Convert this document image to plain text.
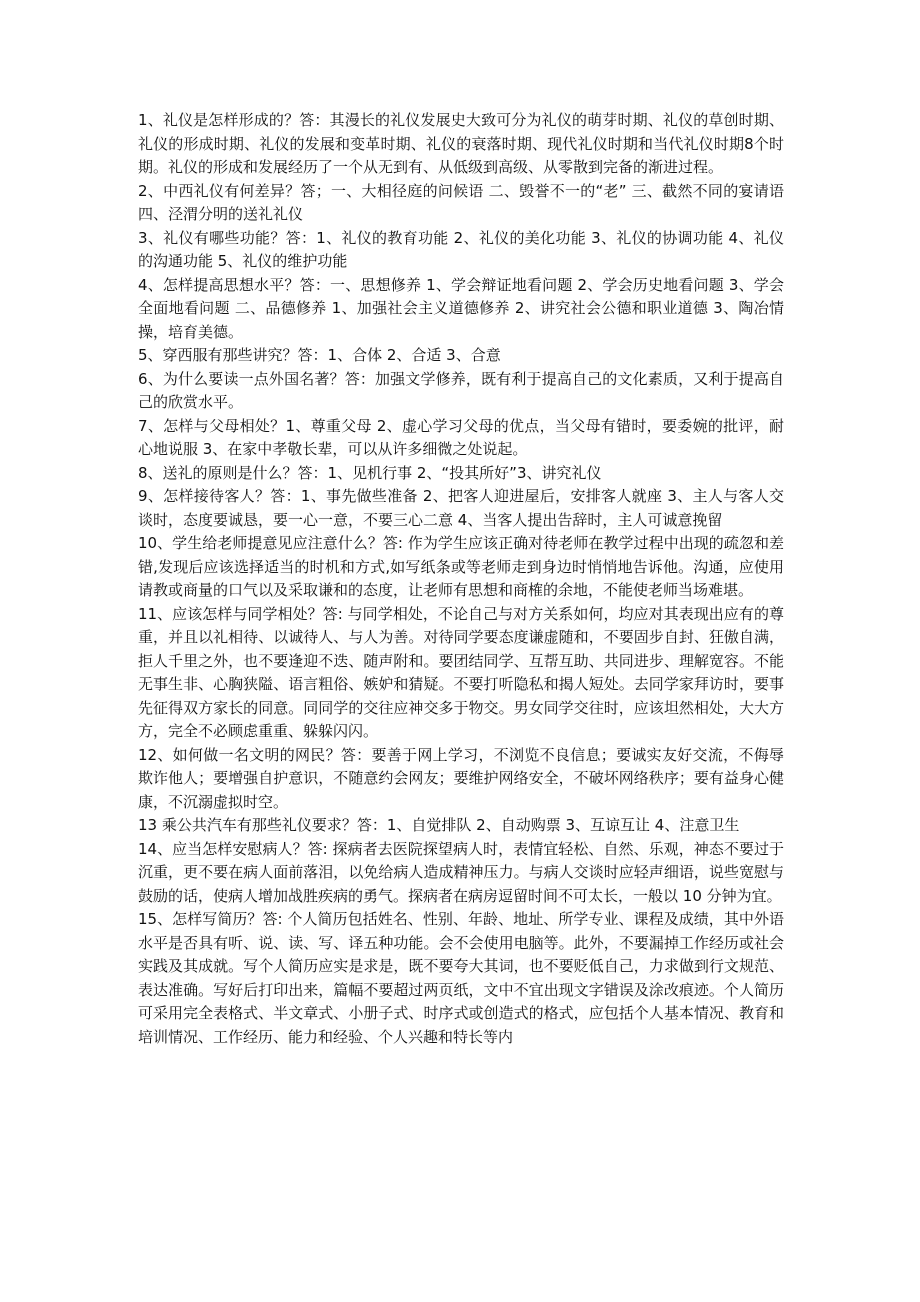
1、礼仪是怎样形成的？答：其漫长的礼仪发展史大致可分为礼仪的萌芽时期、礼仪的草创时期、礼仪的形成时期、礼仪的发展和变革时期、礼仪的衰落时期、现代礼仪时期和当代礼仪时期8个时期。礼仪的形成和发展经历了一个从无到有、从低级到高级、从零散到完备的渐进过程。

2、中西礼仪有何差异？答；一、大相径庭的问候语 二、毁誉不一的“老” 三、截然不同的宴请语 四、泾渭分明的送礼礼仪

3、礼仪有哪些功能？答：1、礼仪的教育功能 2、礼仪的美化功能 3、礼仪的协调功能 4、礼仪的沟通功能 5、礼仪的维护功能

4、怎样提高思想水平？答：一、思想修养 1、学会辩证地看问题 2、学会历史地看问题 3、学会全面地看问题 二、品德修养 1、加强社会主义道德修养 2、讲究社会公德和职业道德 3、陶冶情操，培育美德。

5、穿西服有那些讲究？答：1、合体 2、合适 3、合意

6、为什么要读一点外国名著？答：加强文学修养，既有利于提高自己的文化素质，又利于提高自己的欣赏水平。

7、怎样与父母相处？1、尊重父母 2、虚心学习父母的优点，当父母有错时，要委婉的批评，耐心地说服 3、在家中孝敬长辈，可以从许多细微之处说起。

8、送礼的原则是什么？答：1、见机行事 2、“投其所好”3、讲究礼仪

9、怎样接待客人？答：1、事先做些准备 2、把客人迎进屋后，安排客人就座 3、主人与客人交谈时，态度要诚恳，要一心一意，不要三心二意 4、当客人提出告辞时，主人可诚意挽留

10、学生给老师提意见应注意什么？答: 作为学生应该正确对待老师在教学过程中出现的疏忽和差错,发现后应该选择适当的时机和方式,如写纸条或等老师走到身边时悄悄地告诉他。沟通，应使用请教或商量的口气以及采取谦和的态度，让老师有思想和商榷的余地，不能使老师当场难堪。

11、应该怎样与同学相处？答: 与同学相处，不论自己与对方关系如何，均应对其表现出应有的尊重，并且以礼相待、以诚待人、与人为善。对待同学要态度谦虚随和，不要固步自封、狂傲自满，拒人千里之外，也不要逢迎不迭、随声附和。要团结同学、互帮互助、共同进步、理解宽容。不能无事生非、心胸狭隘、语言粗俗、嫉妒和猜疑。不要打听隐私和揭人短处。去同学家拜访时，要事先征得双方家长的同意。同同学的交往应神交多于物交。男女同学交往时，应该坦然相处，大大方方，完全不必顾虑重重、躲躲闪闪。

12、如何做一名文明的网民？答：要善于网上学习，不浏览不良信息；要诚实友好交流，不侮辱欺诈他人；要增强自护意识，不随意约会网友；要维护网络安全，不破坏网络秩序；要有益身心健康，不沉溺虚拟时空。

13 乘公共汽车有那些礼仪要求？答：1、自觉排队 2、自动购票 3、互谅互让 4、注意卫生

14、应当怎样安慰病人？答: 探病者去医院探望病人时，表情宜轻松、自然、乐观，神态不要过于沉重，更不要在病人面前落泪，以免给病人造成精神压力。与病人交谈时应轻声细语，说些宽慰与鼓励的话，使病人增加战胜疾病的勇气。探病者在病房逗留时间不可太长，一般以 10 分钟为宜。

15、怎样写简历？答: 个人简历包括姓名、性别、年龄、地址、所学专业、课程及成绩，其中外语水平是否具有听、说、读、写、译五种功能。会不会使用电脑等。此外，不要漏掉工作经历或社会实践及其成就。写个人简历应实是求是，既不要夸大其词，也不要贬低自己，力求做到行文规范、表达准确。写好后打印出来，篇幅不要超过两页纸，文中不宜出现文字错误及涂改痕迹。个人简历可采用完全表格式、半文章式、小册子式、时序式或创造式的格式，应包括个人基本情况、教育和培训情况、工作经历、能力和经验、个人兴趣和特长等内
